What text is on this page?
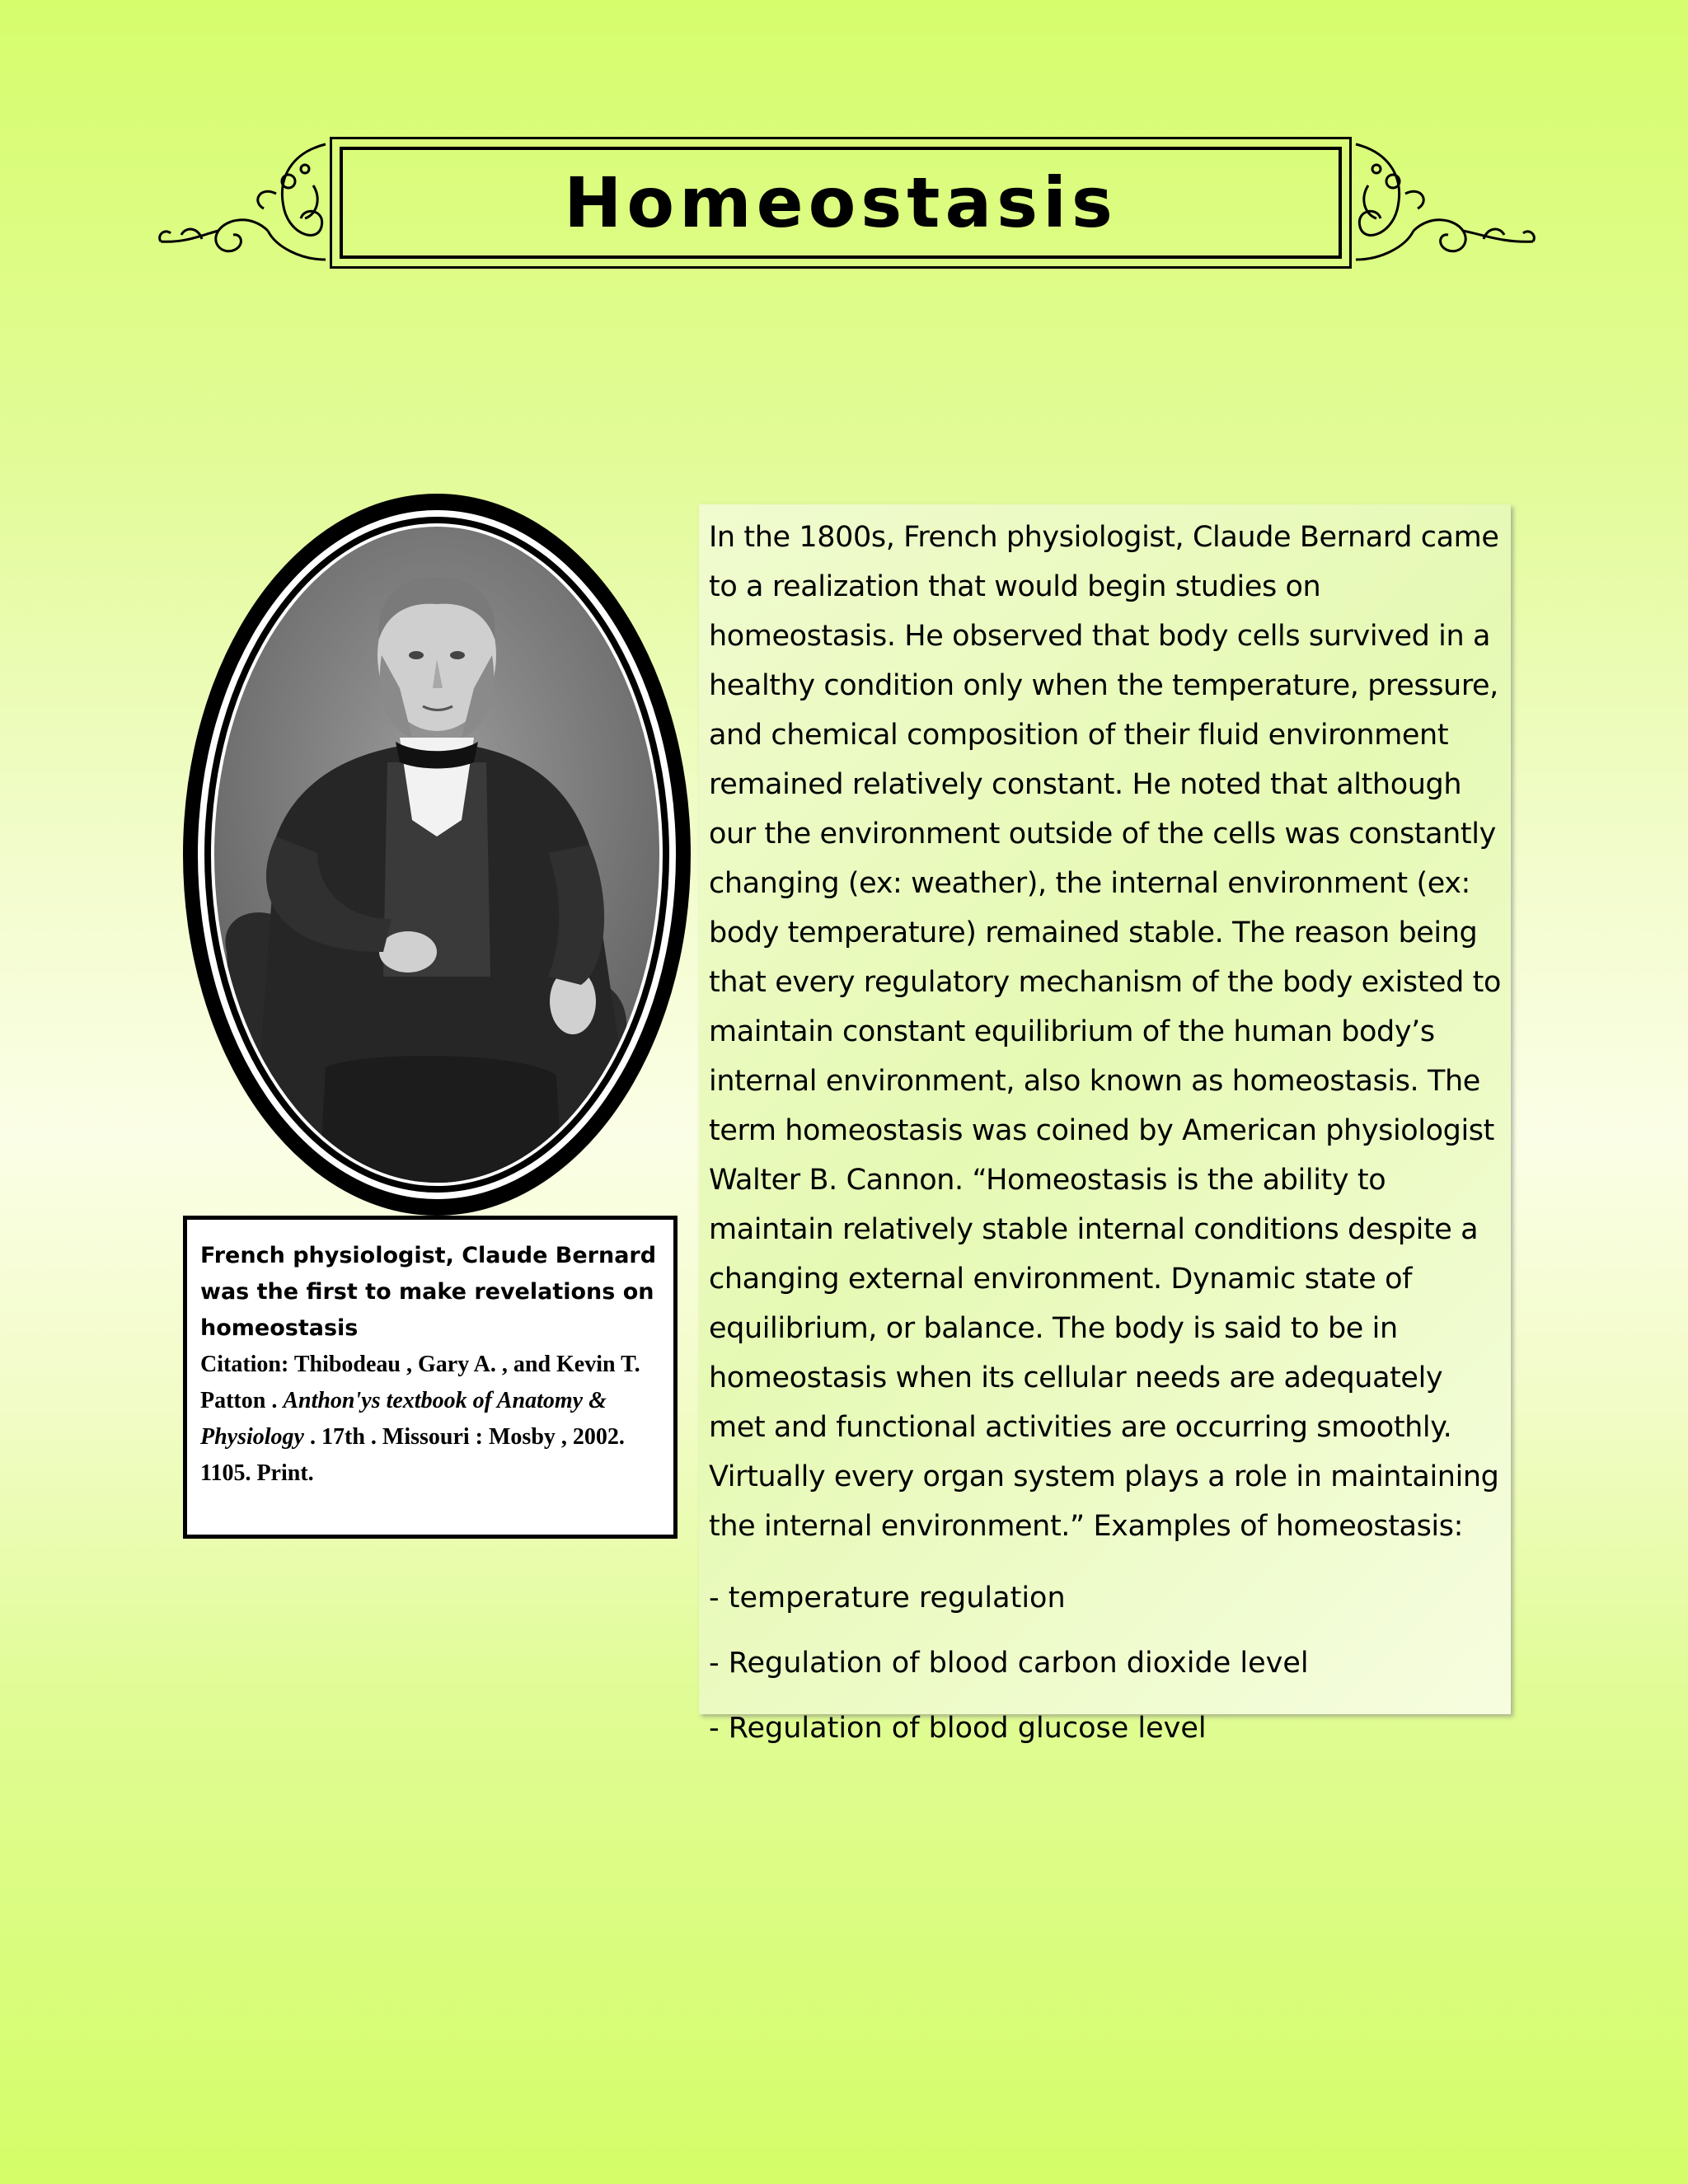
Homeostasis
French physiologist, Claude Bernard was the first to make revelations on homeostasis
Citation: Thibodeau , Gary A. , and Kevin T. Patton . Anthon'ys textbook of Anatomy & Physiology . 17th . Missouri : Mosby , 2002. 1105. Print.

In the 1800s, French physiologist, Claude Bernard came to a realization that would begin studies on homeostasis. He observed that body cells survived in a healthy condition only when the temperature, pressure, and chemical composition of their fluid environment remained relatively constant. He noted that although our the environment outside of the cells was constantly changing (ex: weather), the internal environment (ex: body temperature) remained stable. The reason being that every regulatory mechanism of the body existed to maintain constant equilibrium of the human body’s internal environment, also known as homeostasis. The term homeostasis was coined by American physiologist Walter B. Cannon. “Homeostasis is the ability to maintain relatively stable internal conditions despite a changing external environment. Dynamic state of equilibrium, or balance. The body is said to be in homeostasis when its cellular needs are adequately met and functional activities are occurring smoothly. Virtually every organ system plays a role in maintaining the internal environment.” Examples of homeostasis:

- temperature regulation

- Regulation of blood carbon dioxide level

- Regulation of blood glucose level
